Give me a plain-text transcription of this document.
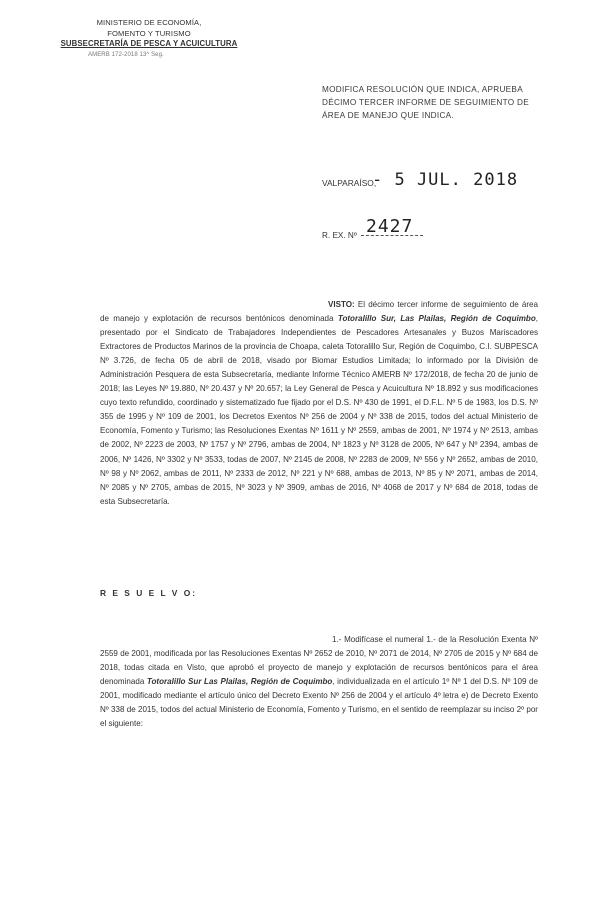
MINISTERIO DE ECONOMÍA,
FOMENTO Y TURISMO
SUBSECRETARÍA DE PESCA Y ACUICULTURA
AMERB 172-2018 13^ Seg.
MODIFICA RESOLUCIÓN QUE INDICA, APRUEBA DÉCIMO TERCER INFORME DE SEGUIMIENTO DE ÁREA DE MANEJO QUE INDICA.
VALPARAÍSO,
- 5 JUL. 2018
R. EX. Nº 2427
VISTO: El décimo tercer informe de seguimiento de área de manejo y explotación de recursos bentónicos denominada Totoralillo Sur, Las Plailas, Región de Coquimbo, presentado por el Sindicato de Trabajadores Independientes de Pescadores Artesanales y Buzos Mariscadores Extractores de Productos Marinos de la provincia de Choapa, caleta Totoralillo Sur, Región de Coquimbo, C.I. SUBPESCA Nº 3.726, de fecha 05 de abril de 2018, visado por Biomar Estudios Limitada; lo informado por la División de Administración Pesquera de esta Subsecretaría, mediante Informe Técnico AMERB Nº 172/2018, de fecha 20 de junio de 2018; las Leyes Nº 19.880, Nº 20.437 y Nº 20.657; la Ley General de Pesca y Acuicultura Nº 18.892 y sus modificaciones cuyo texto refundido, coordinado y sistematizado fue fijado por el D.S. Nº 430 de 1991, el D.F.L. Nº 5 de 1983, los D.S. Nº 355 de 1995 y Nº 109 de 2001, los Decretos Exentos Nº 256 de 2004 y Nº 338 de 2015, todos del actual Ministerio de Economía, Fomento y Turismo; las Resoluciones Exentas Nº 1611 y Nº 2559, ambas de 2001, Nº 1974 y Nº 2513, ambas de 2002, Nº 2223 de 2003, Nº 1757 y Nº 2796, ambas de 2004, Nº 1823 y Nº 3128 de 2005, Nº 647 y Nº 2394, ambas de 2006, Nº 1426, Nº 3302 y Nº 3533, todas de 2007, Nº 2145 de 2008, Nº 2283 de 2009, Nº 556 y Nº 2652, ambas de 2010, Nº 98 y Nº 2062, ambas de 2011, Nº 2333 de 2012, Nº 221 y Nº 688, ambas de 2013, Nº 85 y Nº 2071, ambas de 2014, Nº 2085 y Nº 2705, ambas de 2015, Nº 3023 y Nº 3909, ambas de 2016, Nº 4068 de 2017 y Nº 684 de 2018, todas de esta Subsecretaría.
R E S U E L V O:
1.- Modifícase el numeral 1.- de la Resolución Exenta Nº 2559 de 2001, modificada por las Resoluciones Exentas Nº 2652 de 2010, Nº 2071 de 2014, Nº 2705 de 2015 y Nº 684 de 2018, todas citada en Visto, que aprobó el proyecto de manejo y explotación de recursos bentónicos para el área denominada Totoralillo Sur Las Plailas, Región de Coquimbo, individualizada en el artículo 1º Nº 1 del D.S. Nº 109 de 2001, modificado mediante el artículo único del Decreto Exento Nº 256 de 2004 y el artículo 4º letra e) de Decreto Exento Nº 338 de 2015, todos del actual Ministerio de Economía, Fomento y Turismo, en el sentido de reemplazar su inciso 2º por el siguiente:
